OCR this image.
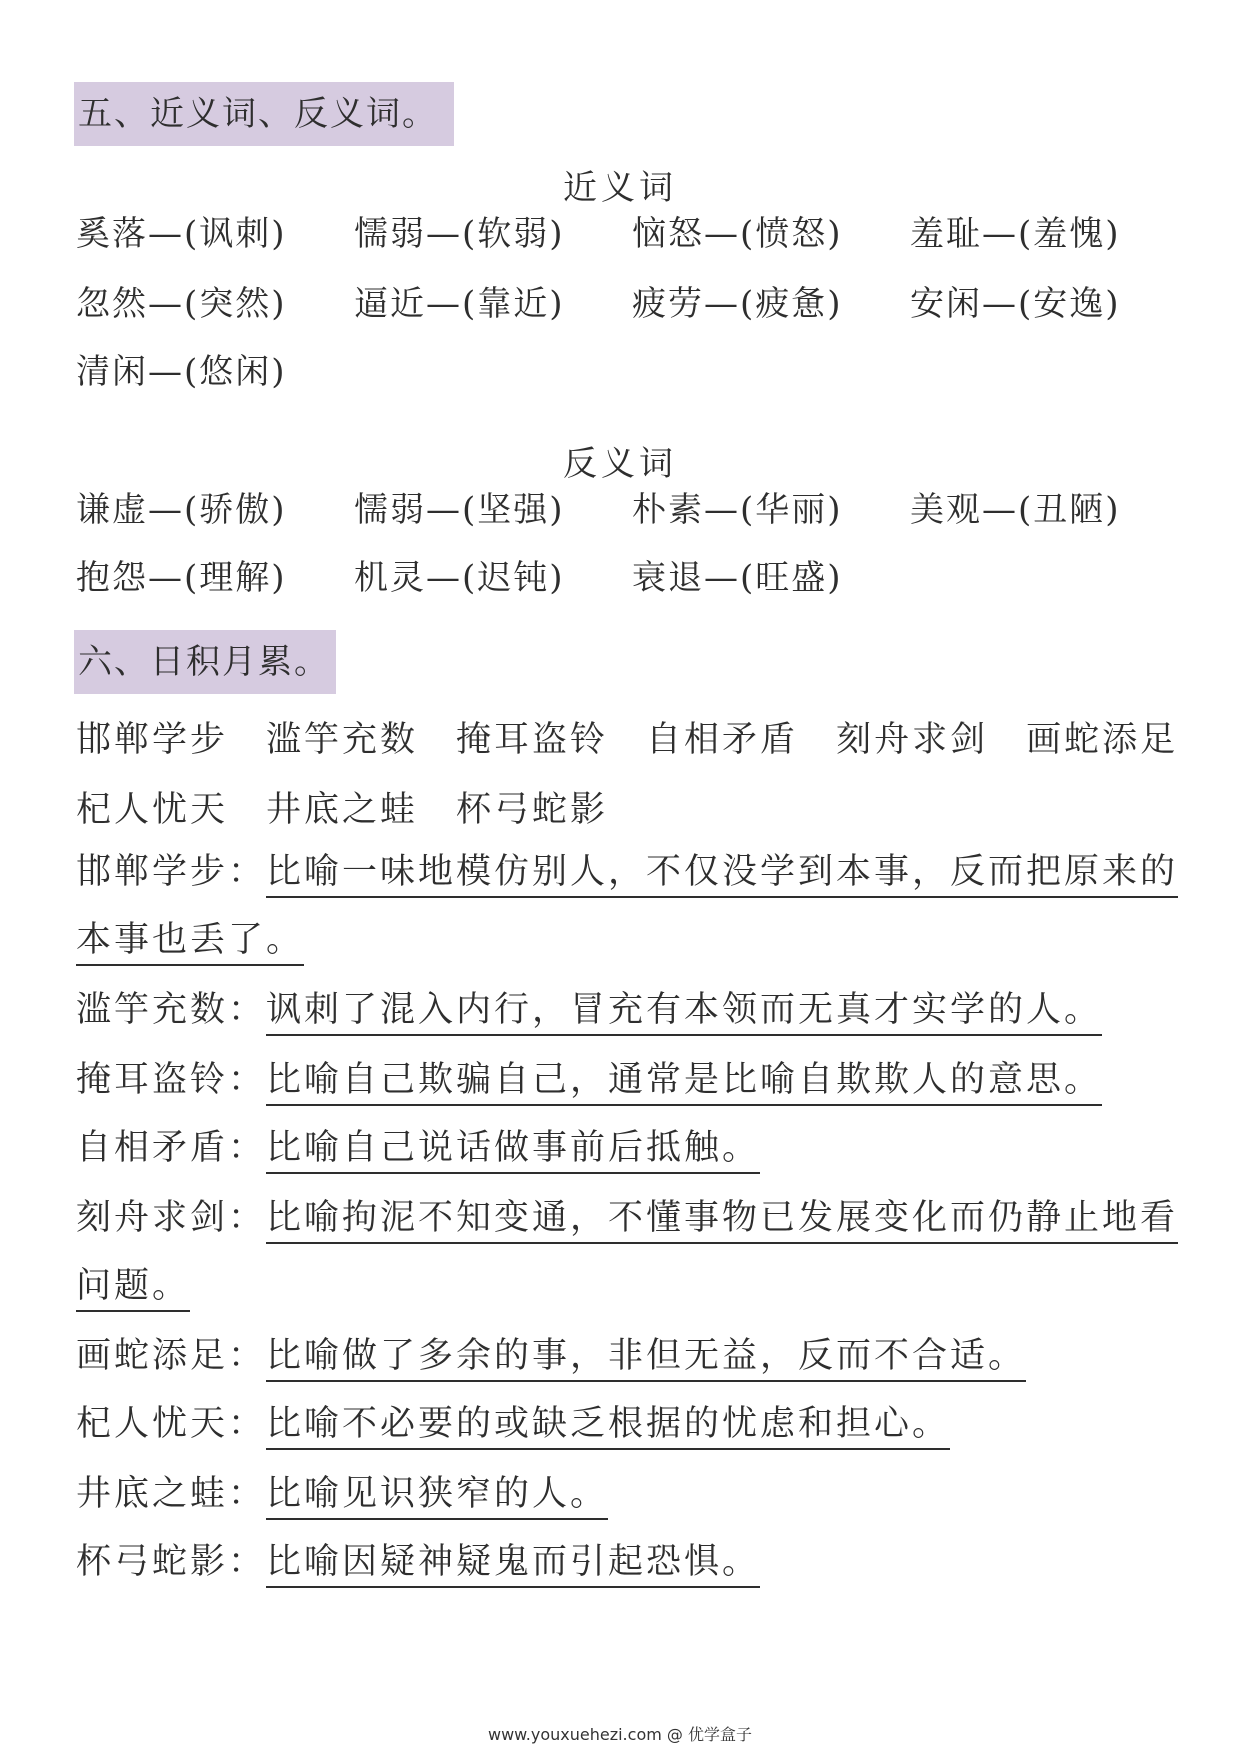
五、近义词、反义词。
近义词
奚落—(讽刺) 懦弱—(软弱) 恼怒—(愤怒) 羞耻—(羞愧)
忽然—(突然) 逼近—(靠近) 疲劳—(疲惫) 安闲—(安逸)
清闲—(悠闲)
反义词
谦虚—(骄傲) 懦弱—(坚强) 朴素—(华丽) 美观—(丑陋)
抱怨—(理解) 机灵—(迟钝) 衰退—(旺盛)
六、日积月累。
邯郸学步 滥竽充数 掩耳盗铃 自相矛盾 刻舟求剑 画蛇添足
杞人忧天 井底之蛙 杯弓蛇影
邯郸学步：比喻一味地模仿别人，不仅没学到本事，反而把原来的
本事也丢了。
滥竽充数：讽刺了混入内行，冒充有本领而无真才实学的人。
掩耳盗铃：比喻自己欺骗自己，通常是比喻自欺欺人的意思。
自相矛盾：比喻自己说话做事前后抵触。
刻舟求剑：比喻拘泥不知变通，不懂事物已发展变化而仍静止地看
问题。
画蛇添足：比喻做了多余的事，非但无益，反而不合适。
杞人忧天：比喻不必要的或缺乏根据的忧虑和担心。
井底之蛙：比喻见识狭窄的人。
杯弓蛇影：比喻因疑神疑鬼而引起恐惧。
www.youxuehezi.com @ 优学盒子
